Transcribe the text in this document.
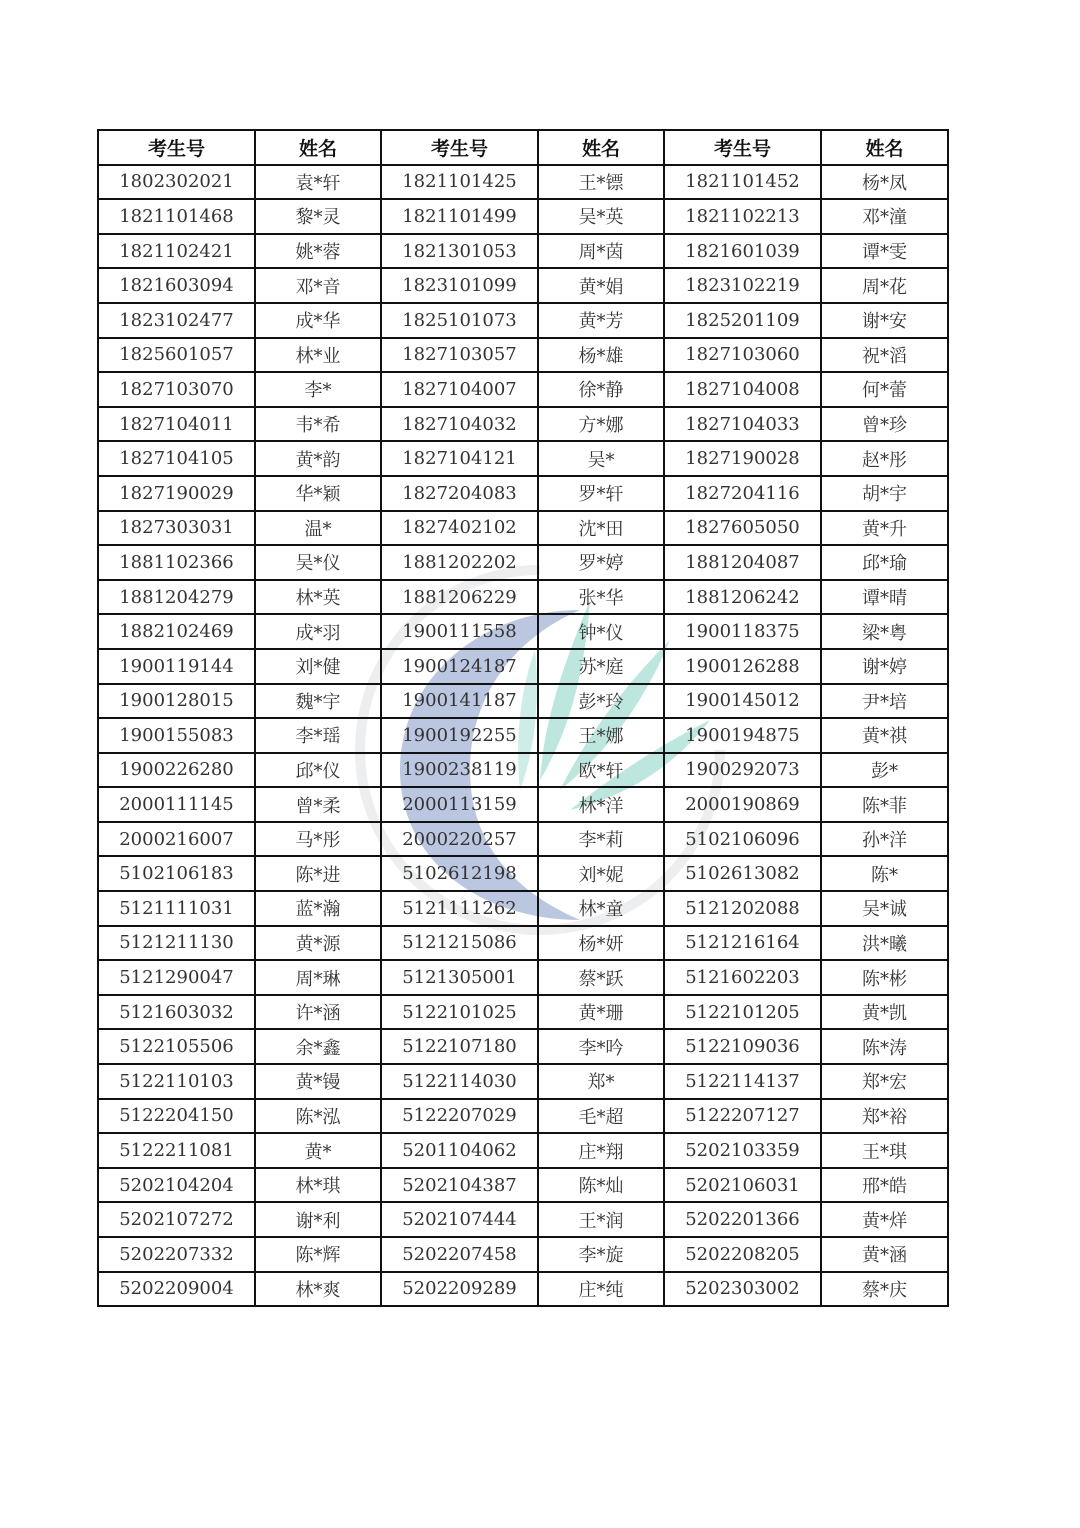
考生号	姓名	考生号	姓名	考生号	姓名
1802302021	袁*轩	1821101425	王*镖	1821101452	杨*凤
1821101468	黎*灵	1821101499	吴*英	1821102213	邓*潼
1821102421	姚*蓉	1821301053	周*茵	1821601039	谭*雯
1821603094	邓*音	1823101099	黄*娟	1823102219	周*花
1823102477	成*华	1825101073	黄*芳	1825201109	谢*安
1825601057	林*业	1827103057	杨*雄	1827103060	祝*滔
1827103070	李*	1827104007	徐*静	1827104008	何*蕾
1827104011	韦*希	1827104032	方*娜	1827104033	曾*珍
1827104105	黄*韵	1827104121	吴*	1827190028	赵*彤
1827190029	华*颖	1827204083	罗*轩	1827204116	胡*宇
1827303031	温*	1827402102	沈*田	1827605050	黄*升
1881102366	吴*仪	1881202202	罗*婷	1881204087	邱*瑜
1881204279	林*英	1881206229	张*华	1881206242	谭*晴
1882102469	成*羽	1900111558	钟*仪	1900118375	梁*粤
1900119144	刘*健	1900124187	苏*庭	1900126288	谢*婷
1900128015	魏*宇	1900141187	彭*玲	1900145012	尹*培
1900155083	李*瑶	1900192255	王*娜	1900194875	黄*祺
1900226280	邱*仪	1900238119	欧*轩	1900292073	彭*
2000111145	曾*柔	2000113159	林*洋	2000190869	陈*菲
2000216007	马*彤	2000220257	李*莉	5102106096	孙*洋
5102106183	陈*进	5102612198	刘*妮	5102613082	陈*
5121111031	蓝*瀚	5121111262	林*童	5121202088	吴*诚
5121211130	黄*源	5121215086	杨*妍	5121216164	洪*曦
5121290047	周*琳	5121305001	蔡*跃	5121602203	陈*彬
5121603032	许*涵	5122101025	黄*珊	5122101205	黄*凯
5122105506	余*鑫	5122107180	李*吟	5122109036	陈*涛
5122110103	黄*镘	5122114030	郑*	5122114137	郑*宏
5122204150	陈*泓	5122207029	毛*超	5122207127	郑*裕
5122211081	黄*	5201104062	庄*翔	5202103359	王*琪
5202104204	林*琪	5202104387	陈*灿	5202106031	邢*皓
5202107272	谢*利	5202107444	王*润	5202201366	黄*烊
5202207332	陈*辉	5202207458	李*旋	5202208205	黄*涵
5202209004	林*爽	5202209289	庄*纯	5202303002	蔡*庆
